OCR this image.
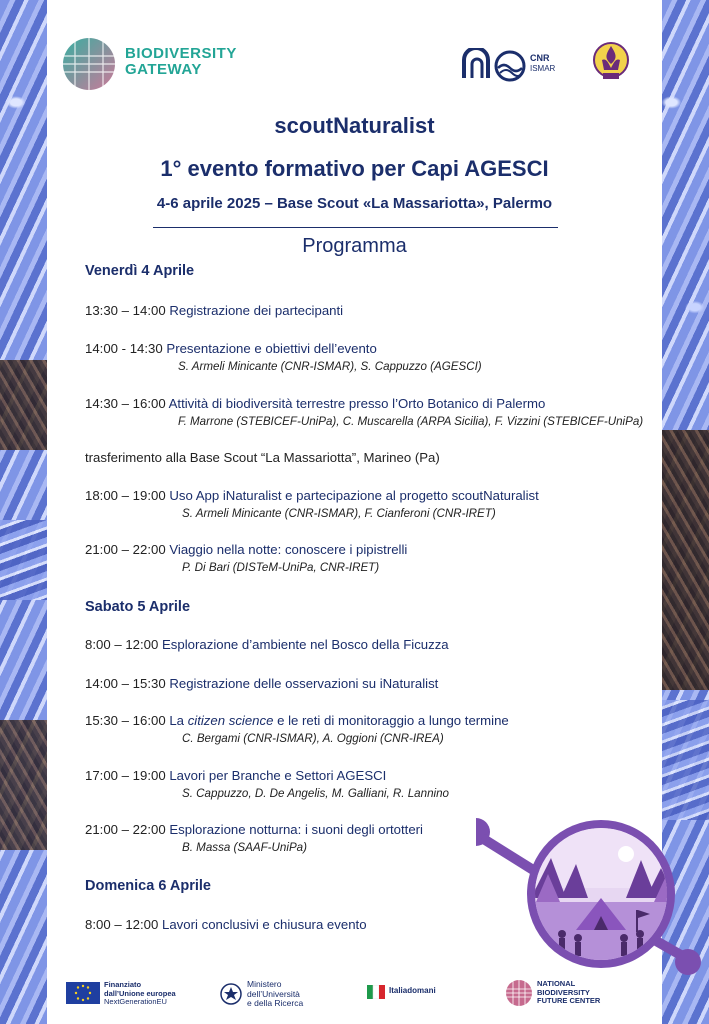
BIODIVERSITY
GATEWAY
CNR
ISMAR
scoutNaturalist
1° evento formativo per Capi AGESCI
4-6 aprile 2025 – Base Scout «La Massariotta», Palermo
Programma
Venerdì 4 Aprile
13:30 – 14:00 Registrazione dei partecipanti
14:00 - 14:30 Presentazione e obiettivi dell’evento
S. Armeli Minicante (CNR-ISMAR), S. Cappuzzo (AGESCI)
14:30 – 16:00 Attività di biodiversità terrestre presso l’Orto Botanico di Palermo
F. Marrone (STEBICEF-UniPa), C. Muscarella (ARPA Sicilia), F. Vizzini (STEBICEF-UniPa)
trasferimento alla Base Scout “La Massariotta”, Marineo (Pa)
18:00 – 19:00 Uso App iNaturalist e partecipazione al progetto scoutNaturalist
S. Armeli Minicante (CNR-ISMAR), F. Cianferoni (CNR-IRET)
21:00 – 22:00 Viaggio nella notte: conoscere i pipistrelli
P. Di Bari (DISTeM-UniPa, CNR-IRET)
Sabato 5 Aprile
8:00 – 12:00 Esplorazione d’ambiente nel Bosco della Ficuzza
14:00 – 15:30 Registrazione delle osservazioni su iNaturalist
15:30 – 16:00 La citizen science e le reti di monitoraggio a lungo termine
C. Bergami (CNR-ISMAR), A. Oggioni (CNR-IREA)
17:00 – 19:00 Lavori per Branche e Settori AGESCI
S. Cappuzzo, D. De Angelis, M. Galliani, R. Lannino
21:00 – 22:00 Esplorazione notturna: i suoni degli ortotteri
B. Massa (SAAF-UniPa)
Domenica 6 Aprile
8:00 – 12:00 Lavori conclusivi e chiusura evento
Finanziato
dall’Unione europea
NextGenerationEU
Ministero
dell’Università
e della Ricerca
Italiadomani
NATIONAL
BIODIVERSITY
FUTURE CENTER
